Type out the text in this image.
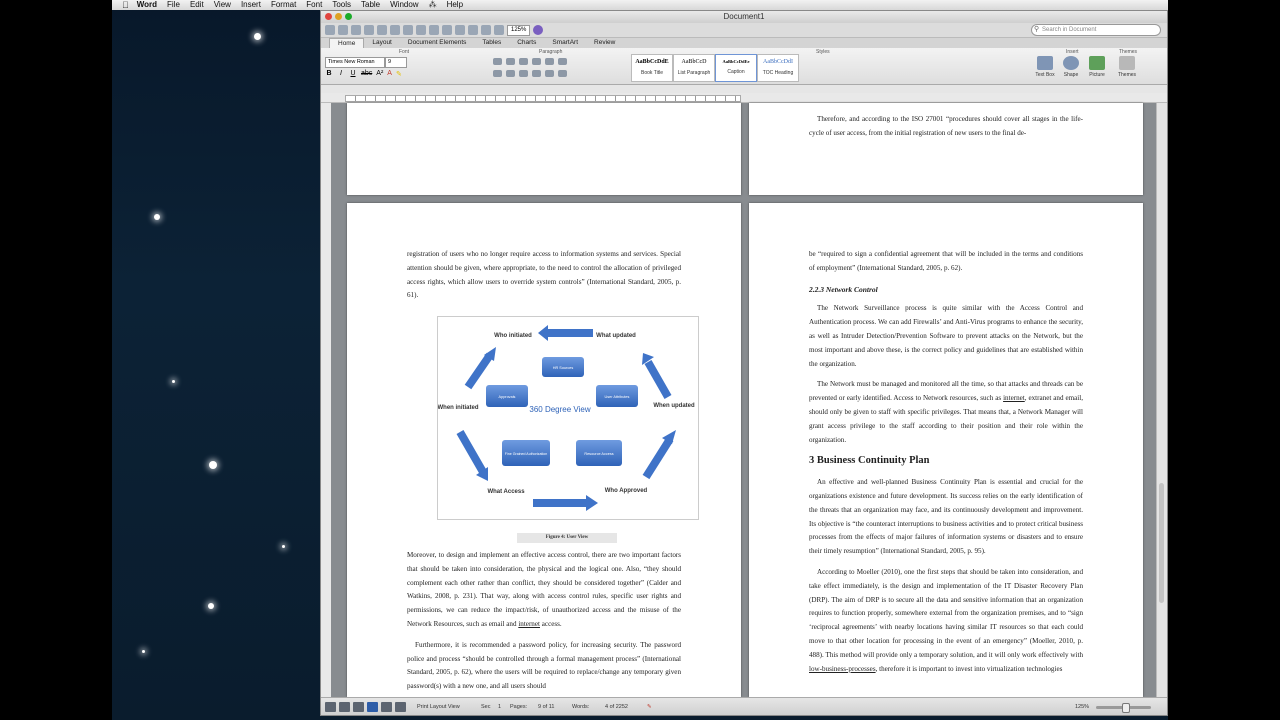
Word File Edit View Insert Format Font Tools Table Window ⁂ Help
Document1
125%
⚲	Search in Document
Home	Layout	Document Elements	Tables	Charts	SmartArt	Review
Font	Paragraph	Styles	Insert	Themes
Times New Roman	9
B	I	U abc A² A ✎
AaBbCcDdE
Book Title
AaBbCcD
List Paragraph
AaBbCcDdEe
Caption
AaBbCcDdI
TOC Heading	Text Box	Shape	Picture	Themes

Therefore, and according to the ISO 27001 “procedures should cover all stages in the life-cycle of user access, from the initial registration of new users to the final de-

registration of users who no longer require access to information systems and services. Special attention should be given, where appropriate, to the need to control the allocation of privileged access rights, which allow users to override system controls” (International Standard, 2005, p. 61).

HR Sources
User Attributes
Resource Access
Fine Grained Authorization
Approvals
360 Degree View
Who initiated	What updated
When updated
Who Approved
What Access
When initiated
Figure 4: User View

Moreover, to design and implement an effective access control, there are two important factors that should be taken into consideration, the physical and the logical one. Also, “they should complement each other rather than conflict, they should be considered together” (Calder and Watkins, 2008, p. 231). That way, along with access control rules, specific user rights and permissions, we can reduce the impact/risk, of unauthorized access and the misuse of the Network Resources, such as email and internet access.

Furthermore, it is recommended a password policy, for increasing security. The password police and process “should be controlled through a formal management process” (International Standard, 2005, p. 62), where the users will be required to replace/change any temporary given password(s) with a new one, and all users should

be “required to sign a confidential agreement that will be included in the terms and conditions of employment” (International Standard, 2005, p. 62).

2.2.3 Network Control

The Network Surveillance process is quite similar with the Access Control and Authentication process. We can add Firewalls’ and Anti-Virus programs to enhance the security, as well as Intruder Detection/Prevention Software to prevent attacks on the Network, but the most important and above these, is the correct policy and guidelines that are established within the organization.

The Network must be managed and monitored all the time, so that attacks and threads can be prevented or early identified. Access to Network resources, such as internet, extranet and email, should only be given to staff with specific privileges. That means that, a Network Manager will grant access privilege to the staff according to their position and their role within the organization.

3 Business Continuity Plan

An effective and well-planned Business Continuity Plan is essential and crucial for the organizations existence and future development. Its success relies on the early identification of the threats that an organization may face, and its continuously development and improvement. Its objective is “the counteract interruptions to business activities and to protect critical business processes from the effects of major failures of information systems or disasters and to ensure their timely resumption” (International Standard, 2005, p. 95).

According to Moeller (2010), one the first steps that should be taken into consideration, and take effect immediately, is the design and implementation of the IT Disaster Recovery Plan (DRP). The aim of DRP is to secure all the data and sensitive information that an organization requires to function properly, somewhere external from the organization premises, and to “sign ‘reciprocal agreements’ with nearby locations having similar IT resources so that each could move to that other location for processing in the event of an emergency” (Moeller, 2010, p. 488). This method will provide only a temporary solution, and it will only work effectively with low-business-processes, therefore it is important to invest into virtualization technologies

Print Layout View	Sec 1 Pages: 9 of 11	Words:	4 of 2252	✎	125%
